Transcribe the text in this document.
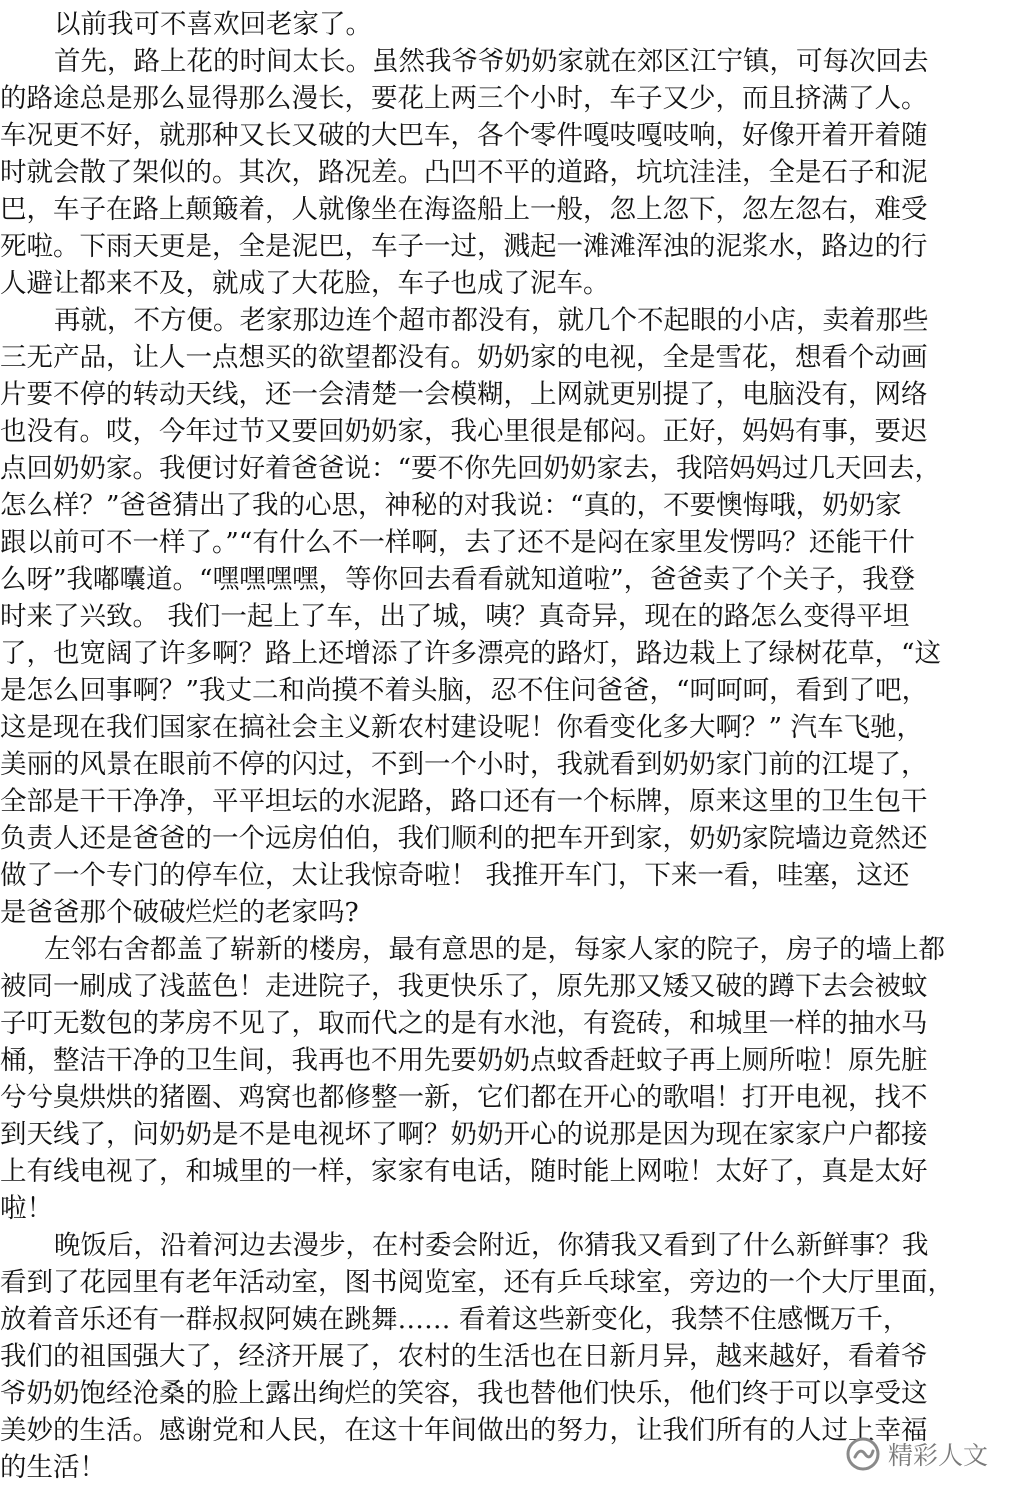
以前我可不喜欢回老家了。

首先，路上花的时间太长。虽然我爷爷奶奶家就在郊区江宁镇，可每次回去

的路途总是那么显得那么漫长，要花上两三个小时，车子又少，而且挤满了人。

车况更不好，就那种又长又破的大巴车，各个零件嘎吱嘎吱响，好像开着开着随

时就会散了架似的。其次，路况差。凸凹不平的道路，坑坑洼洼，全是石子和泥

巴，车子在路上颠簸着，人就像坐在海盗船上一般，忽上忽下，忽左忽右，难受

死啦。下雨天更是，全是泥巴，车子一过，溅起一滩滩浑浊的泥浆水，路边的行

人避让都来不及，就成了大花脸，车子也成了泥车。

再就，不方便。老家那边连个超市都没有，就几个不起眼的小店，卖着那些

三无产品，让人一点想买的欲望都没有。奶奶家的电视，全是雪花，想看个动画

片要不停的转动天线，还一会清楚一会模糊，上网就更别提了，电脑没有，网络

也没有。哎，今年过节又要回奶奶家，我心里很是郁闷。正好，妈妈有事，要迟

点回奶奶家。我便讨好着爸爸说：“要不你先回奶奶家去，我陪妈妈过几天回去，

怎么样？”爸爸猜出了我的心思，神秘的对我说：“真的，不要懊悔哦，奶奶家

跟以前可不一样了。”“有什么不一样啊，去了还不是闷在家里发愣吗？还能干什

么呀”我嘟囔道。“嘿嘿嘿嘿，等你回去看看就知道啦”，爸爸卖了个关子，我登

时来了兴致。 我们一起上了车，出了城，咦？真奇异，现在的路怎么变得平坦

了，也宽阔了许多啊？路上还增添了许多漂亮的路灯，路边栽上了绿树花草，“这

是怎么回事啊？”我丈二和尚摸不着头脑，忍不住问爸爸，“呵呵呵，看到了吧，

这是现在我们国家在搞社会主义新农村建设呢！你看变化多大啊？” 汽车飞驰，

美丽的风景在眼前不停的闪过，不到一个小时，我就看到奶奶家门前的江堤了，

全部是干干净净，平平坦坛的水泥路，路口还有一个标牌，原来这里的卫生包干

负责人还是爸爸的一个远房伯伯，我们顺利的把车开到家，奶奶家院墙边竟然还

做了一个专门的停车位，太让我惊奇啦！ 我推开车门，下来一看，哇塞，这还

是爸爸那个破破烂烂的老家吗?

左邻右舍都盖了崭新的楼房，最有意思的是，每家人家的院子，房子的墙上都

被同一刷成了浅蓝色！走进院子，我更快乐了，原先那又矮又破的蹲下去会被蚊

子叮无数包的茅房不见了，取而代之的是有水池，有瓷砖，和城里一样的抽水马

桶，整洁干净的卫生间，我再也不用先要奶奶点蚊香赶蚊子再上厕所啦！原先脏

兮兮臭烘烘的猪圈、鸡窝也都修整一新，它们都在开心的歌唱！打开电视，找不

到天线了，问奶奶是不是电视坏了啊？奶奶开心的说那是因为现在家家户户都接

上有线电视了，和城里的一样，家家有电话，随时能上网啦！太好了，真是太好

啦！

晚饭后，沿着河边去漫步，在村委会附近，你猜我又看到了什么新鲜事？我

看到了花园里有老年活动室，图书阅览室，还有乒乓球室，旁边的一个大厅里面，

放着音乐还有一群叔叔阿姨在跳舞…… 看着这些新变化，我禁不住感慨万千，

我们的祖国强大了，经济开展了，农村的生活也在日新月异，越来越好，看着爷

爷奶奶饱经沧桑的脸上露出绚烂的笑容，我也替他们快乐，他们终于可以享受这

美妙的生活。感谢党和人民，在这十年间做出的努力，让我们所有的人过上幸福

的生活！	精彩人文
